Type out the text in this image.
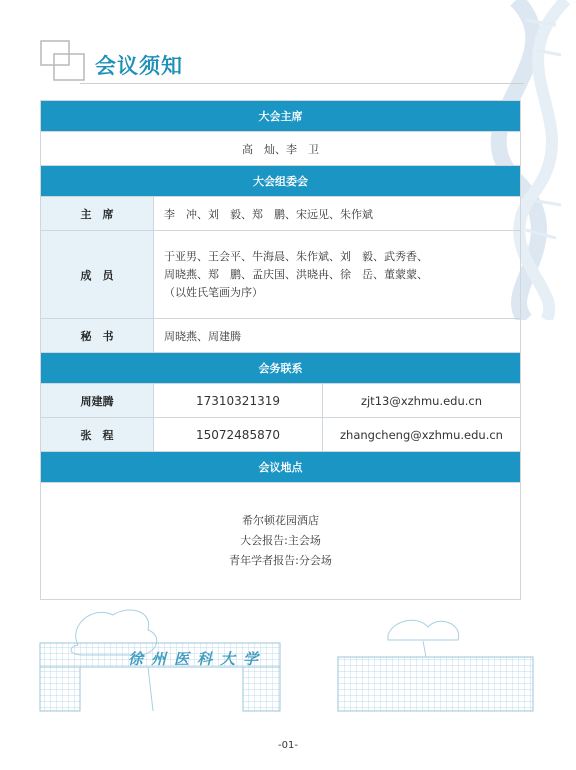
会议须知
大会主席		
高　灿、李　卫		
大会组委会		
主　席	李　冲、刘　毅、郑　鹏、宋远见、朱作斌	
成　员	于亚男、王会平、牛海晨、朱作斌、刘　毅、武秀香、
周晓燕、郑　鹏、孟庆国、洪晓冉、徐　岳、董蒙蒙、
（以姓氏笔画为序）	

秘　书	周晓燕、周建腾	
会务联系		
周建腾	17310321319	zjt13@xzhmu.edu.cn
张　程	15072485870	zhangcheng@xzhmu.edu.cn
会议地点		

希尔顿花园酒店
大会报告:主会场
青年学者报告:分会场		
徐州医科大学
-01-
